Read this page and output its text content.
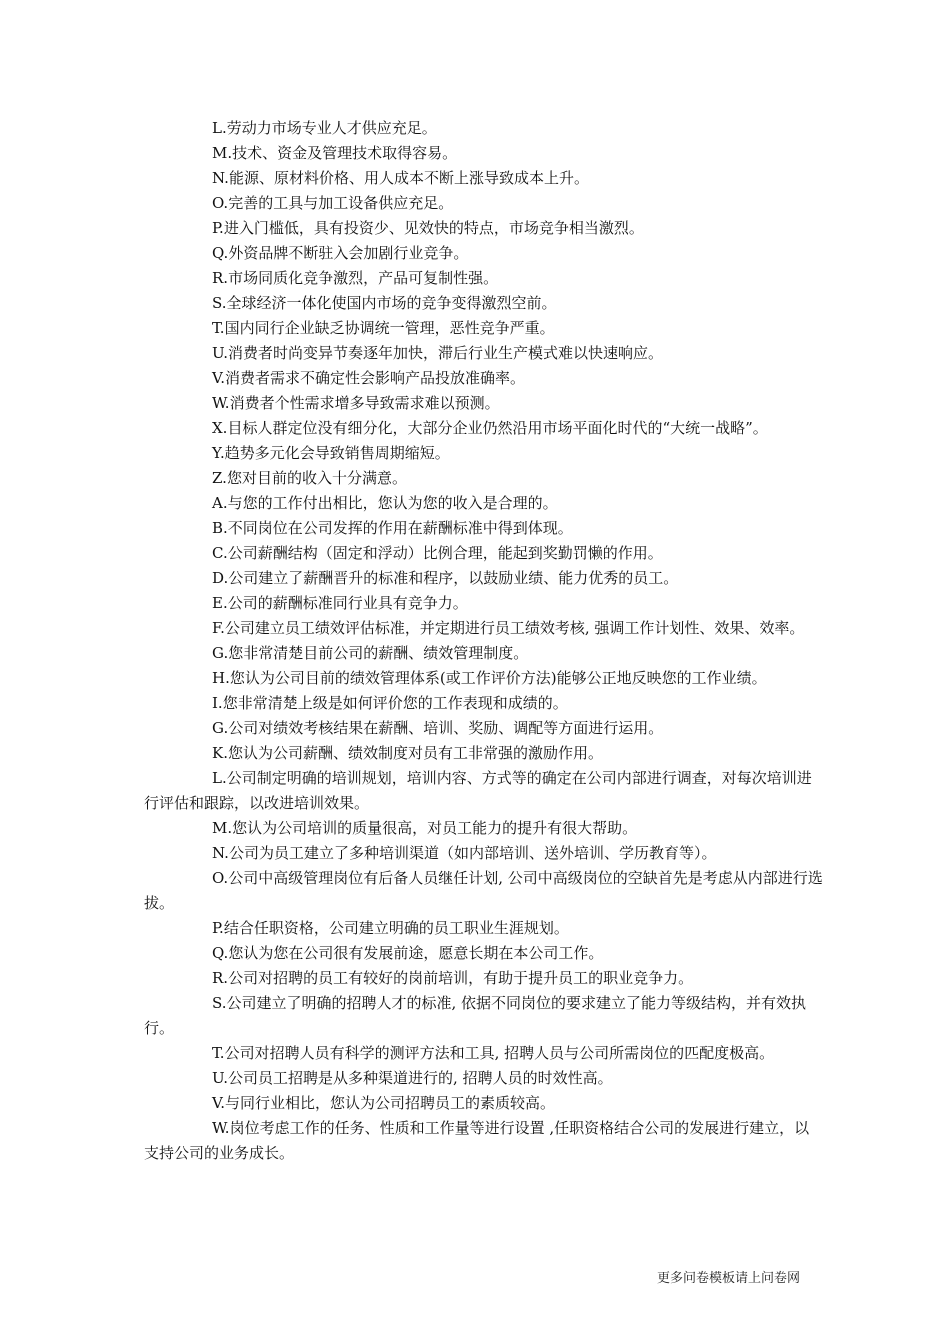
L.劳动力市场专业人才供应充足。

M.技术、资金及管理技术取得容易。

N.能源、原材料价格、用人成本不断上涨导致成本上升。

O.完善的工具与加工设备供应充足。

P.进入门槛低，具有投资少、见效快的特点，市场竞争相当激烈。

Q.外资品牌不断驻入会加剧行业竞争。

R.市场同质化竞争激烈，产品可复制性强。

S.全球经济一体化使国内市场的竞争变得激烈空前。

T.国内同行企业缺乏协调统一管理，恶性竞争严重。

U.消费者时尚变异节奏逐年加快，滞后行业生产模式难以快速响应。

V.消费者需求不确定性会影响产品投放准确率。

W.消费者个性需求增多导致需求难以预测。

X.目标人群定位没有细分化，大部分企业仍然沿用市场平面化时代的“大统一战略”。

Y.趋势多元化会导致销售周期缩短。

Z.您对目前的收入十分满意。

A.与您的工作付出相比，您认为您的收入是合理的。

B.不同岗位在公司发挥的作用在薪酬标准中得到体现。

C.公司薪酬结构（固定和浮动）比例合理，能起到奖勤罚懒的作用。

D.公司建立了薪酬晋升的标准和程序，以鼓励业绩、能力优秀的员工。

E.公司的薪酬标准同行业具有竞争力。

F.公司建立员工绩效评估标准，并定期进行员工绩效考核, 强调工作计划性、效果、效率。

G.您非常清楚目前公司的薪酬、绩效管理制度。

H.您认为公司目前的绩效管理体系(或工作评价方法)能够公正地反映您的工作业绩。

I.您非常清楚上级是如何评价您的工作表现和成绩的。

G.公司对绩效考核结果在薪酬、培训、奖励、调配等方面进行运用。

K.您认为公司薪酬、绩效制度对员有工非常强的激励作用。

L.公司制定明确的培训规划，培训内容、方式等的确定在公司内部进行调查，对每次培训进行评估和跟踪，以改进培训效果。

M.您认为公司培训的质量很高，对员工能力的提升有很大帮助。

N.公司为员工建立了多种培训渠道（如内部培训、送外培训、学历教育等）。

O.公司中高级管理岗位有后备人员继任计划, 公司中高级岗位的空缺首先是考虑从内部进行选拔。

P.结合任职资格，公司建立明确的员工职业生涯规划。

Q.您认为您在公司很有发展前途，愿意长期在本公司工作。

R.公司对招聘的员工有较好的岗前培训，有助于提升员工的职业竞争力。

S.公司建立了明确的招聘人才的标准, 依据不同岗位的要求建立了能力等级结构，并有效执行。

T.公司对招聘人员有科学的测评方法和工具, 招聘人员与公司所需岗位的匹配度极高。

U.公司员工招聘是从多种渠道进行的, 招聘人员的时效性高。

V.与同行业相比，您认为公司招聘员工的素质较高。

W.岗位考虑工作的任务、性质和工作量等进行设置 ,任职资格结合公司的发展进行建立，以支持公司的业务成长。

更多问卷模板请上问卷网
